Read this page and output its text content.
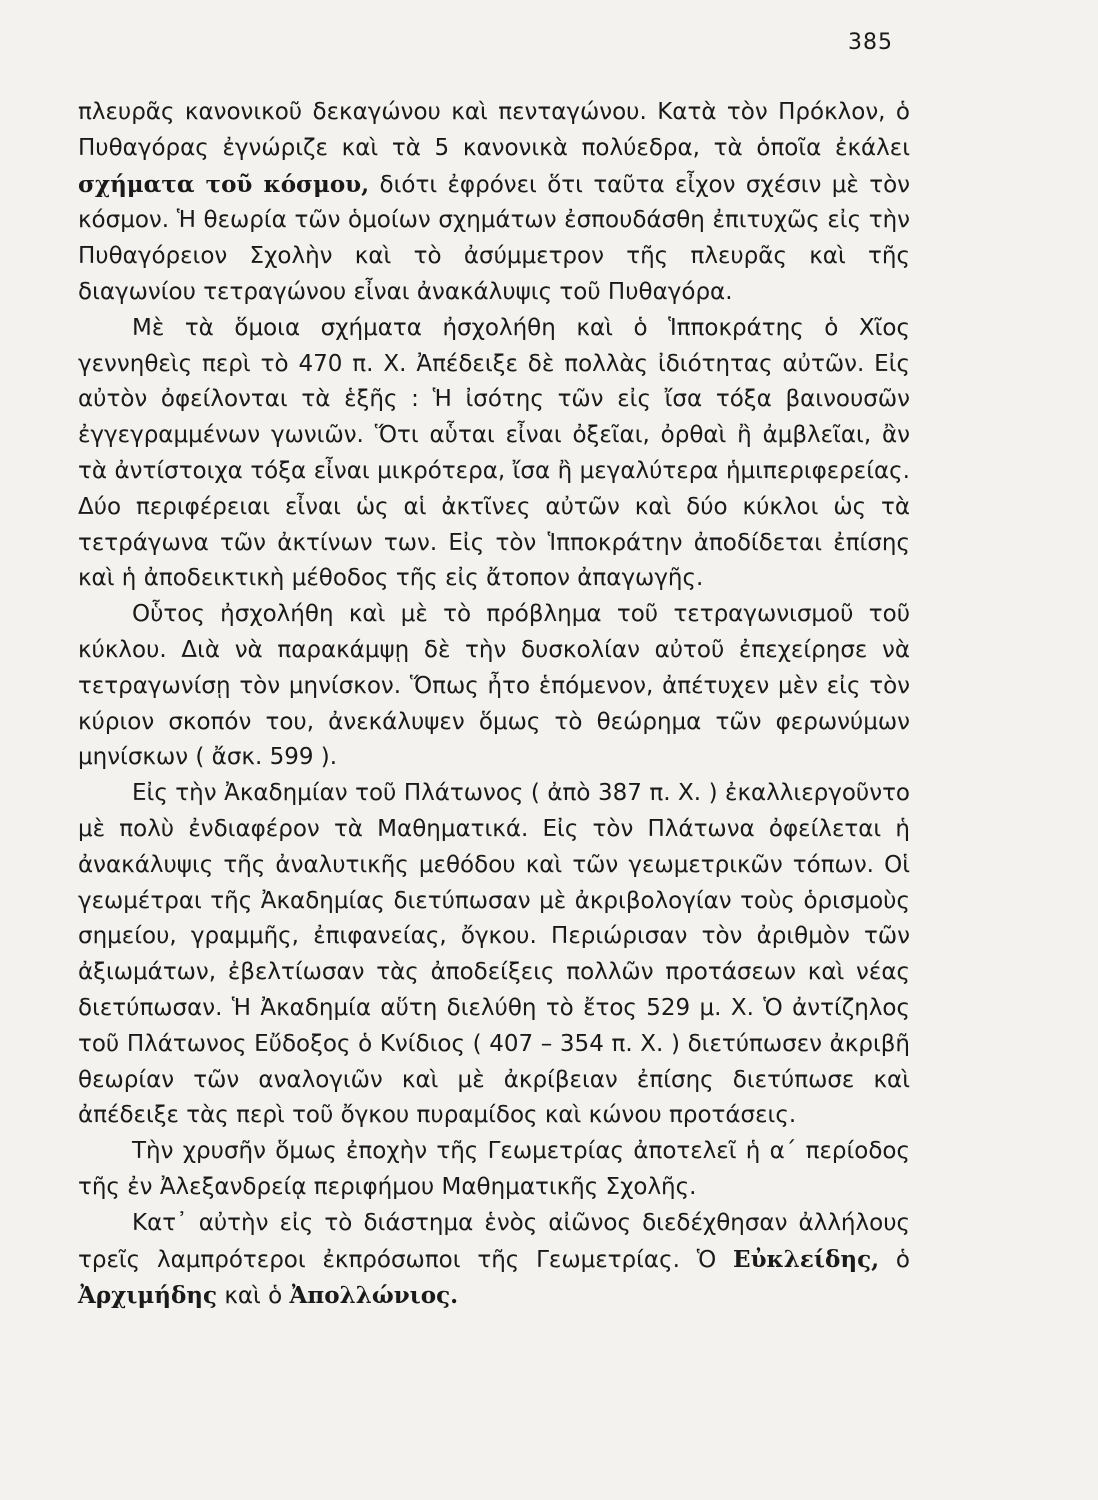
385

πλευρᾶς κανονικοῦ δεκαγώνου καὶ πενταγώνου. Κατὰ τὸν Πρόκλον, ὁ Πυθαγόρας ἐγνώριζε καὶ τὰ 5 κανονικὰ πολύεδρα, τὰ ὁποῖα ἐκάλει σχήματα τοῦ κόσμου, διότι ἐφρόνει ὅτι ταῦτα εἶχον σχέσιν μὲ τὸν κόσμον. Ἡ θεωρία τῶν ὁμοίων σχημάτων ἐσπουδάσθη ἐπιτυχῶς εἰς τὴν Πυθαγόρειον Σχολὴν καὶ τὸ ἀσύμμετρον τῆς πλευρᾶς καὶ τῆς διαγωνίου τετραγώνου εἶναι ἀνακάλυψις τοῦ Πυθαγόρα.

Μὲ τὰ ὅμοια σχήματα ἠσχολήθη καὶ ὁ Ἱπποκράτης ὁ Χῖος γεννηθεὶς περὶ τὸ 470 π. Χ. Ἀπέδειξε δὲ πολλὰς ἰδιότητας αὐτῶν. Εἰς αὐτὸν ὀφείλονται τὰ ἑξῆς : Ἡ ἰσότης τῶν εἰς ἴσα τόξα βαινουσῶν ἐγγεγραμμένων γωνιῶν. Ὅτι αὗται εἶναι ὀξεῖαι, ὀρθαὶ ἢ ἀμβλεῖαι, ἂν τὰ ἀντίστοιχα τόξα εἶναι μικρότερα, ἴσα ἢ μεγαλύτερα ἡμιπεριφερείας. Δύο περιφέρειαι εἶναι ὡς αἱ ἀκτῖνες αὐτῶν καὶ δύο κύκλοι ὡς τὰ τετράγωνα τῶν ἀκτίνων των. Εἰς τὸν Ἱπποκράτην ἀποδίδεται ἐπίσης καὶ ἡ ἀποδεικτικὴ μέθοδος τῆς εἰς ἄτοπον ἀπαγωγῆς.

Οὗτος ἠσχολήθη καὶ μὲ τὸ πρόβλημα τοῦ τετραγωνισμοῦ τοῦ κύκλου. Διὰ νὰ παρακάμψῃ δὲ τὴν δυσκολίαν αὐτοῦ ἐπεχείρησε νὰ τετραγωνίσῃ τὸν μηνίσκον. Ὅπως ἦτο ἑπόμενον, ἀπέτυχεν μὲν εἰς τὸν κύριον σκοπόν του, ἀνεκάλυψεν ὅμως τὸ θεώρημα τῶν φερωνύμων μηνίσκων ( ἄσκ. 599 ).

Εἰς τὴν Ἀκαδημίαν τοῦ Πλάτωνος ( ἀπὸ 387 π. Χ. ) ἐκαλλιεργοῦντο μὲ πολὺ ἐνδιαφέρον τὰ Μαθηματικά. Εἰς τὸν Πλάτωνα ὀφείλεται ἡ ἀνακάλυψις τῆς ἀναλυτικῆς μεθόδου καὶ τῶν γεωμετρικῶν τόπων. Οἱ γεωμέτραι τῆς Ἀκαδημίας διετύπωσαν μὲ ἀκριβολογίαν τοὺς ὁρισμοὺς σημείου, γραμμῆς, ἐπιφανείας, ὄγκου. Περιώρισαν τὸν ἀριθμὸν τῶν ἀξιωμάτων, ἐβελτίωσαν τὰς ἀποδείξεις πολλῶν προτάσεων καὶ νέας διετύπωσαν. Ἡ Ἀκαδημία αὕτη διελύθη τὸ ἔτος 529 μ. Χ. Ὁ ἀντίζηλος τοῦ Πλάτωνος Εὔδοξος ὁ Κνίδιος ( 407 – 354 π. Χ. ) διετύπωσεν ἀκριβῆ θεωρίαν τῶν αναλογιῶν καὶ μὲ ἀκρίβειαν ἐπίσης διετύπωσε καὶ ἀπέδειξε τὰς περὶ τοῦ ὄγκου πυραμίδος καὶ κώνου προτάσεις.

Τὴν χρυσῆν ὅμως ἐποχὴν τῆς Γεωμετρίας ἀποτελεῖ ἡ α΄ περίοδος τῆς ἐν Ἀλεξανδρείᾳ περιφήμου Μαθηματικῆς Σχολῆς.

Κατ᾿ αὐτὴν εἰς τὸ διάστημα ἑνὸς αἰῶνος διεδέχθησαν ἀλλήλους τρεῖς λαμπρότεροι ἐκπρόσωποι τῆς Γεωμετρίας. Ὁ Εὐκλείδης, ὁ Ἀρχιμήδης καὶ ὁ Ἀπολλώνιος.
